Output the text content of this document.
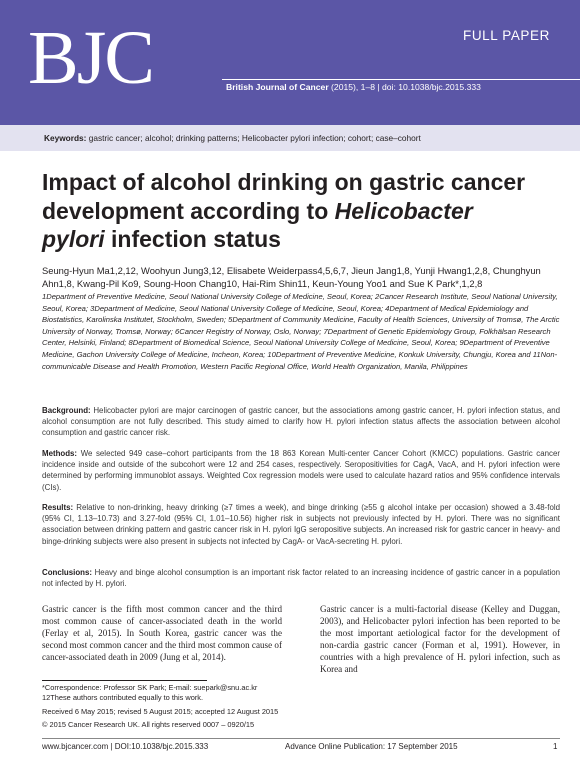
BJC	FULL PAPER
British Journal of Cancer (2015), 1–8 | doi: 10.1038/bjc.2015.333
Keywords: gastric cancer; alcohol; drinking patterns; Helicobacter pylori infection; cohort; case–cohort
Impact of alcohol drinking on gastric cancer
development according to Helicobacter
pylori infection status
Seung-Hyun Ma1,2,12, Woohyun Jung3,12, Elisabete Weiderpass4,5,6,7, Jieun Jang1,8, Yunji Hwang1,2,8, Chunghyun Ahn1,8, Kwang-Pil Ko9, Soung-Hoon Chang10, Hai-Rim Shin11, Keun-Young Yoo1 and Sue K Park*,1,2,8
1Department of Preventive Medicine, Seoul National University College of Medicine, Seoul, Korea; 2Cancer Research Institute, Seoul National University, Seoul, Korea; 3Department of Medicine, Seoul National University College of Medicine, Seoul, Korea; 4Department of Medical Epidemiology and Biostatistics, Karolinska Institutet, Stockholm, Sweden; 5Department of Community Medicine, Faculty of Health Sciences, University of Tromsø, The Arctic University of Norway, Tromsø, Norway; 6Cancer Registry of Norway, Oslo, Norway; 7Department of Genetic Epidemiology Group, Folkhälsan Research Center, Helsinki, Finland; 8Department of Biomedical Science, Seoul National University College of Medicine, Seoul, Korea; 9Department of Preventive Medicine, Gachon University College of Medicine, Incheon, Korea; 10Department of Preventive Medicine, Konkuk University, Chungju, Korea and 11Non-communicable Disease and Health Promotion, Western Pacific Regional Office, World Health Organization, Manila, Philippines
Background: Helicobacter pylori are major carcinogen of gastric cancer, but the associations among gastric cancer, H. pylori infection status, and alcohol consumption are not fully described. This study aimed to clarify how H. pylori infection status affects the association between alcohol consumption and gastric cancer risk.
Methods: We selected 949 case–cohort participants from the 18 863 Korean Multi-center Cancer Cohort (KMCC) populations. Gastric cancer incidence inside and outside of the subcohort were 12 and 254 cases, respectively. Seropositivities for CagA, VacA, and H. pylori infection were determined by performing immunoblot assays. Weighted Cox regression models were used to calculate hazard ratios and 95% confidence intervals (CIs).
Results: Relative to non-drinking, heavy drinking (≥7 times a week), and binge drinking (≥55 g alcohol intake per occasion) showed a 3.48-fold (95% CI, 1.13–10.73) and 3.27-fold (95% CI, 1.01–10.56) higher risk in subjects not previously infected by H. pylori. There was no significant association between drinking pattern and gastric cancer risk in H. pylori IgG seropositive subjects. An increased risk for gastric cancer in heavy- and binge-drinking subjects were also present in subjects not infected by CagA- or VacA-secreting H. pylori.
Conclusions: Heavy and binge alcohol consumption is an important risk factor related to an increasing incidence of gastric cancer in a population not infected by H. pylori.
Gastric cancer is the fifth most common cancer and the third most common cause of cancer-associated death in the world (Ferlay et al, 2015). In South Korea, gastric cancer was the second most common cancer and the third most common cause of cancer-associated death in 2009 (Jung et al, 2014).
Gastric cancer is a multi-factorial disease (Kelley and Duggan, 2003), and Helicobacter pylori infection has been reported to be the most important aetiological factor for the development of non-cardia gastric cancer (Forman et al, 1991). However, in countries with a high prevalence of H. pylori infection, such as Korea and
*Correspondence: Professor SK Park; E-mail: suepark@snu.ac.kr
12These authors contributed equally to this work.
Received 6 May 2015; revised 5 August 2015; accepted 12 August 2015
© 2015 Cancer Research UK. All rights reserved 0007 – 0920/15
www.bjcancer.com | DOI:10.1038/bjc.2015.333	Advance Online Publication: 17 September 2015	1
